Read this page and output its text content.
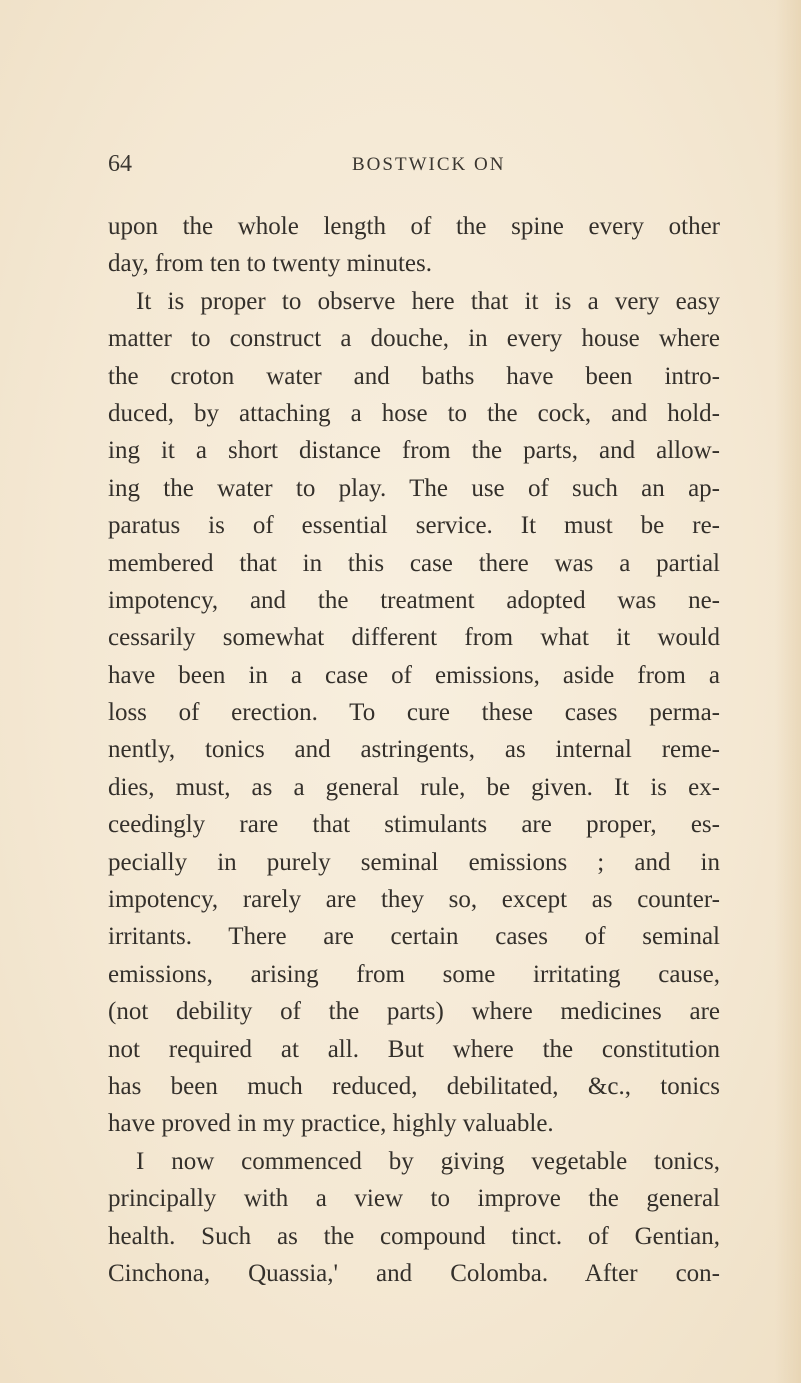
64	BOSTWICK ON
upon the whole length of the spine every other
day, from ten to twenty minutes.
It is proper to observe here that it is a very easy
matter to construct a douche, in every house where
the croton water and baths have been intro-
duced, by attaching a hose to the cock, and hold-
ing it a short distance from the parts, and allow-
ing the water to play. The use of such an ap-
paratus is of essential service. It must be re-
membered that in this case there was a partial
impotency, and the treatment adopted was ne-
cessarily somewhat different from what it would
have been in a case of emissions, aside from a
loss of erection. To cure these cases perma-
nently, tonics and astringents, as internal reme-
dies, must, as a general rule, be given. It is ex-
ceedingly rare that stimulants are proper, es-
pecially in purely seminal emissions ; and in
impotency, rarely are they so, except as counter-
irritants. There are certain cases of seminal
emissions, arising from some irritating cause,
(not debility of the parts) where medicines are
not required at all. But where the constitution
has been much reduced, debilitated, &c., tonics
have proved in my practice, highly valuable.
I now commenced by giving vegetable tonics,
principally with a view to improve the general
health. Such as the compound tinct. of Gentian,
Cinchona, Quassia,' and Colomba. After con-
